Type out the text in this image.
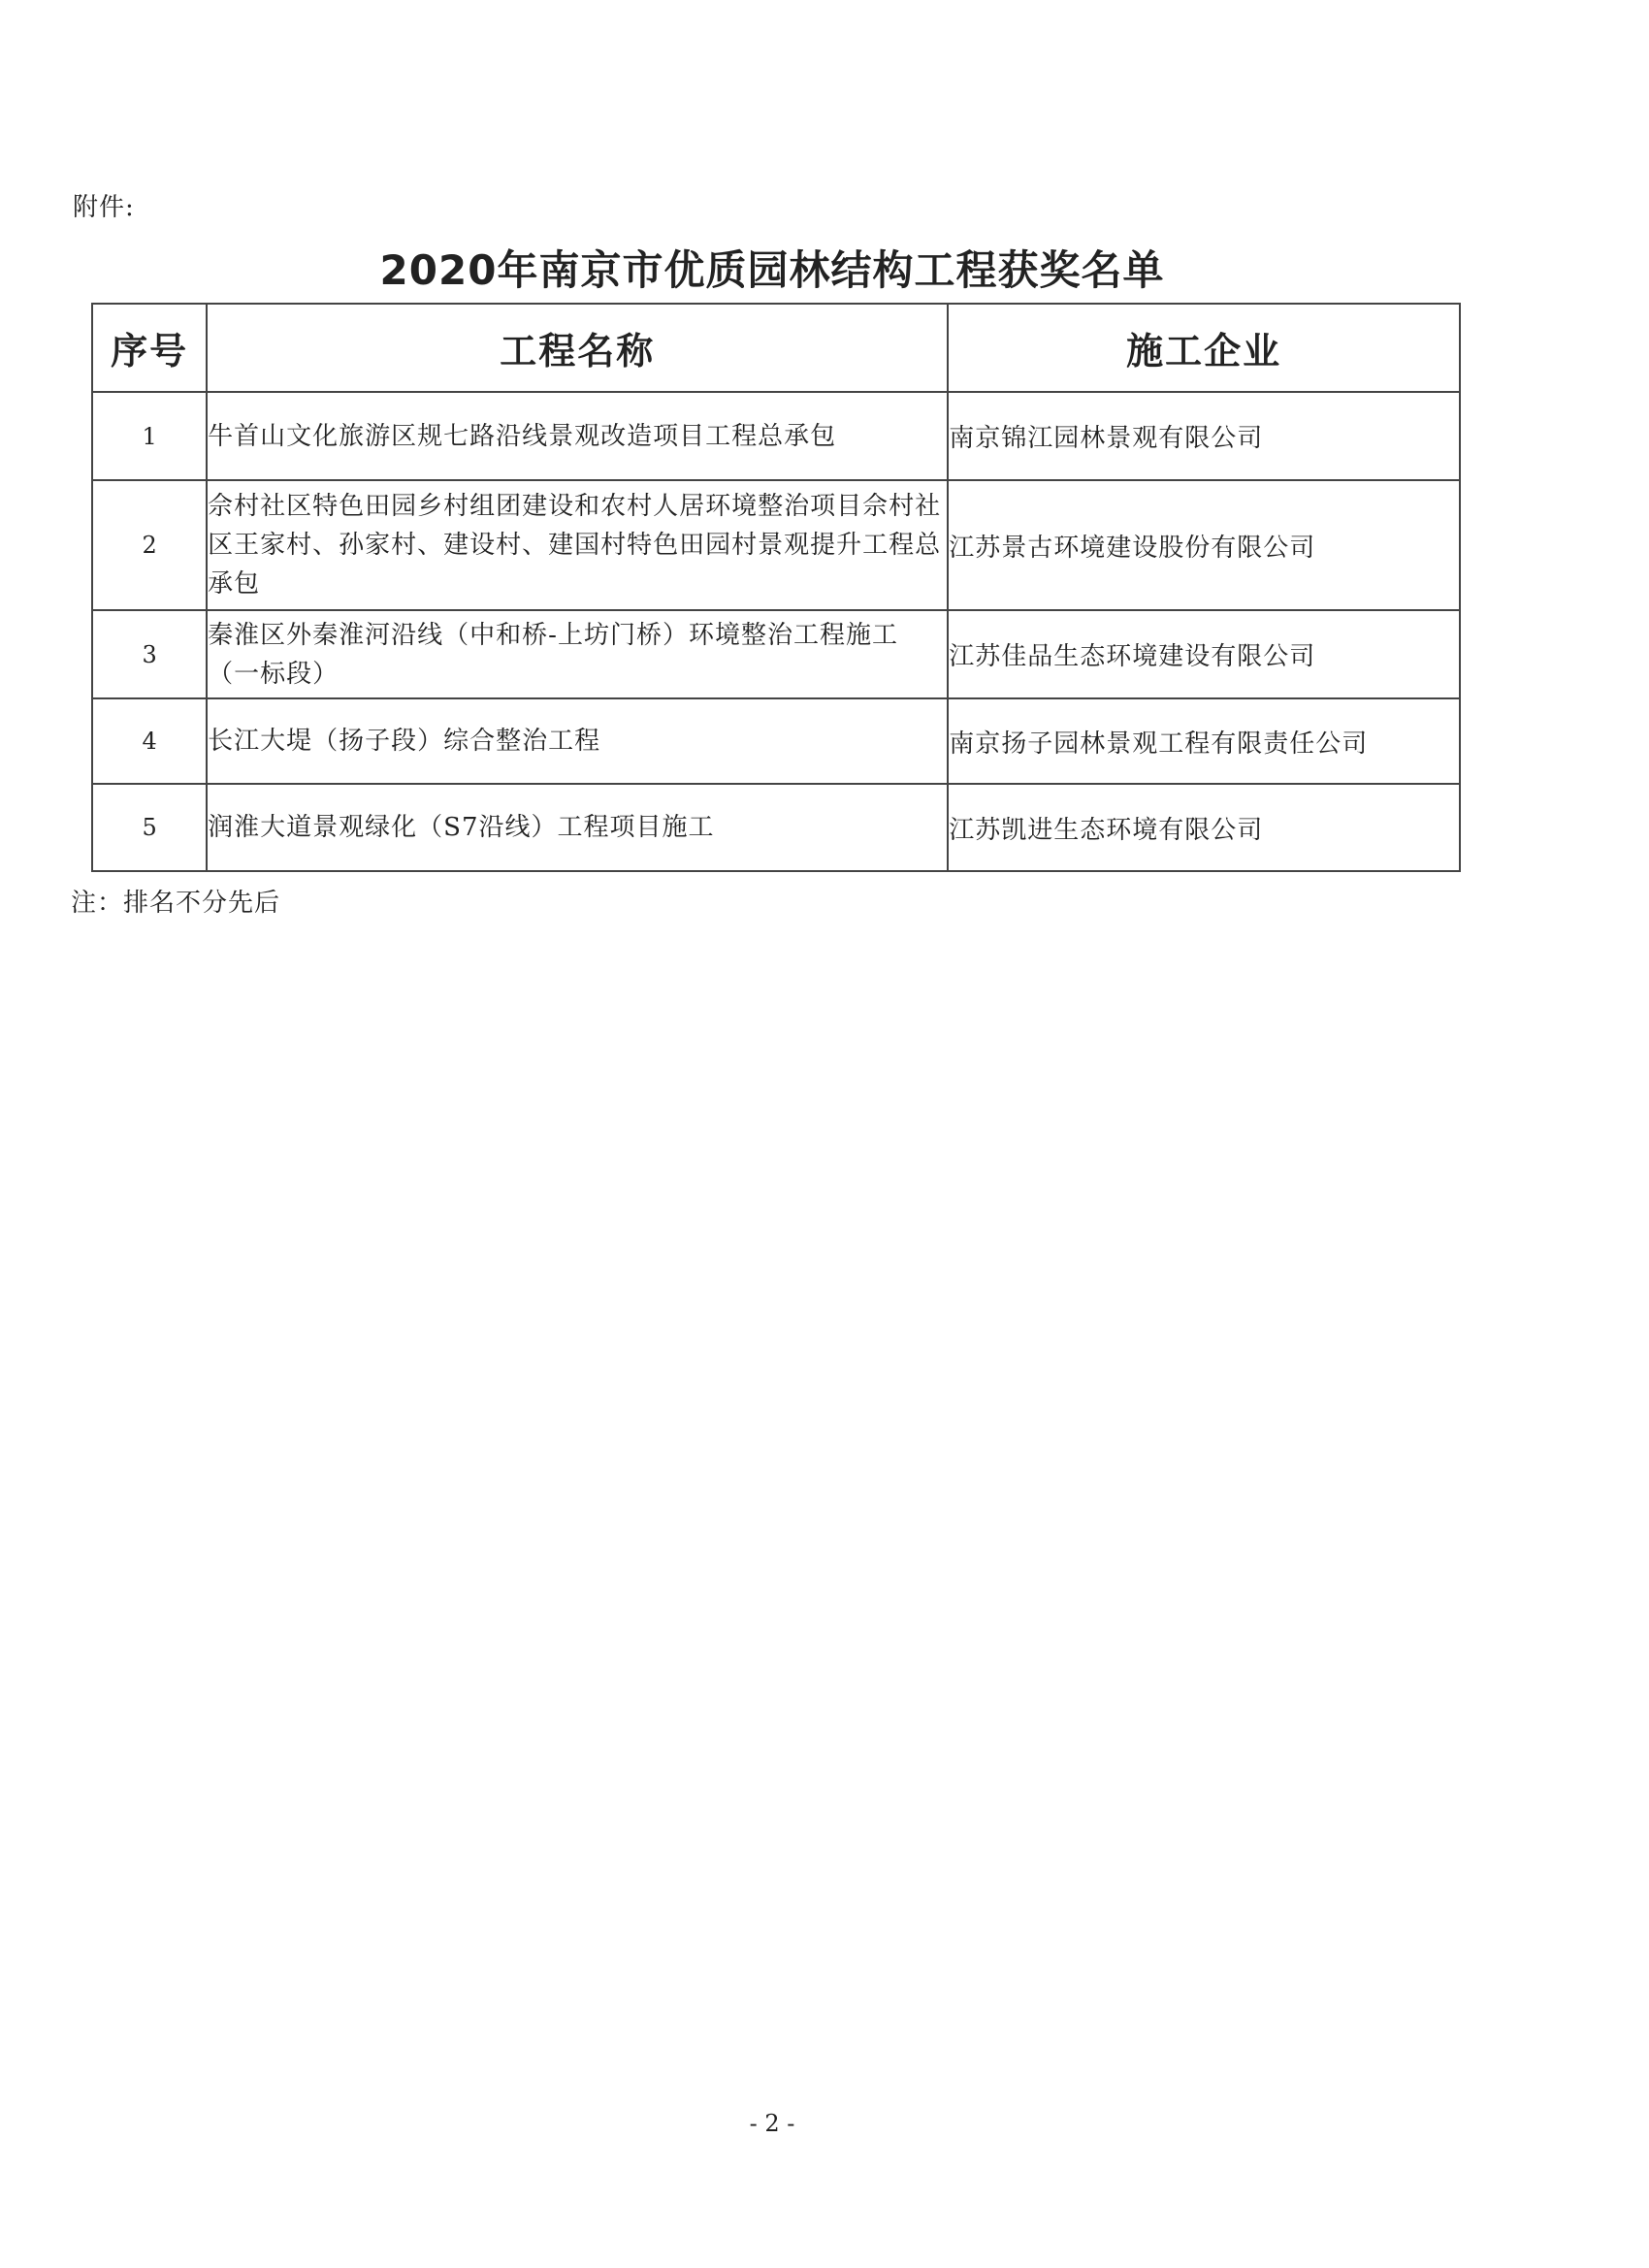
附件:
2020年南京市优质园林结构工程获奖名单
序号	工程名称	施工企业
1	牛首山文化旅游区规七路沿线景观改造项目工程总承包	南京锦江园林景观有限公司
2	佘村社区特色田园乡村组团建设和农村人居环境整治项目佘村社区王家村、孙家村、建设村、建国村特色田园村景观提升工程总承包	江苏景古环境建设股份有限公司
3	秦淮区外秦淮河沿线（中和桥-上坊门桥）环境整治工程施工（一标段）	江苏佳品生态环境建设有限公司
4	长江大堤（扬子段）综合整治工程	南京扬子园林景观工程有限责任公司
5	润淮大道景观绿化（S7沿线）工程项目施工	江苏凯进生态环境有限公司
注：排名不分先后
- 2 -
